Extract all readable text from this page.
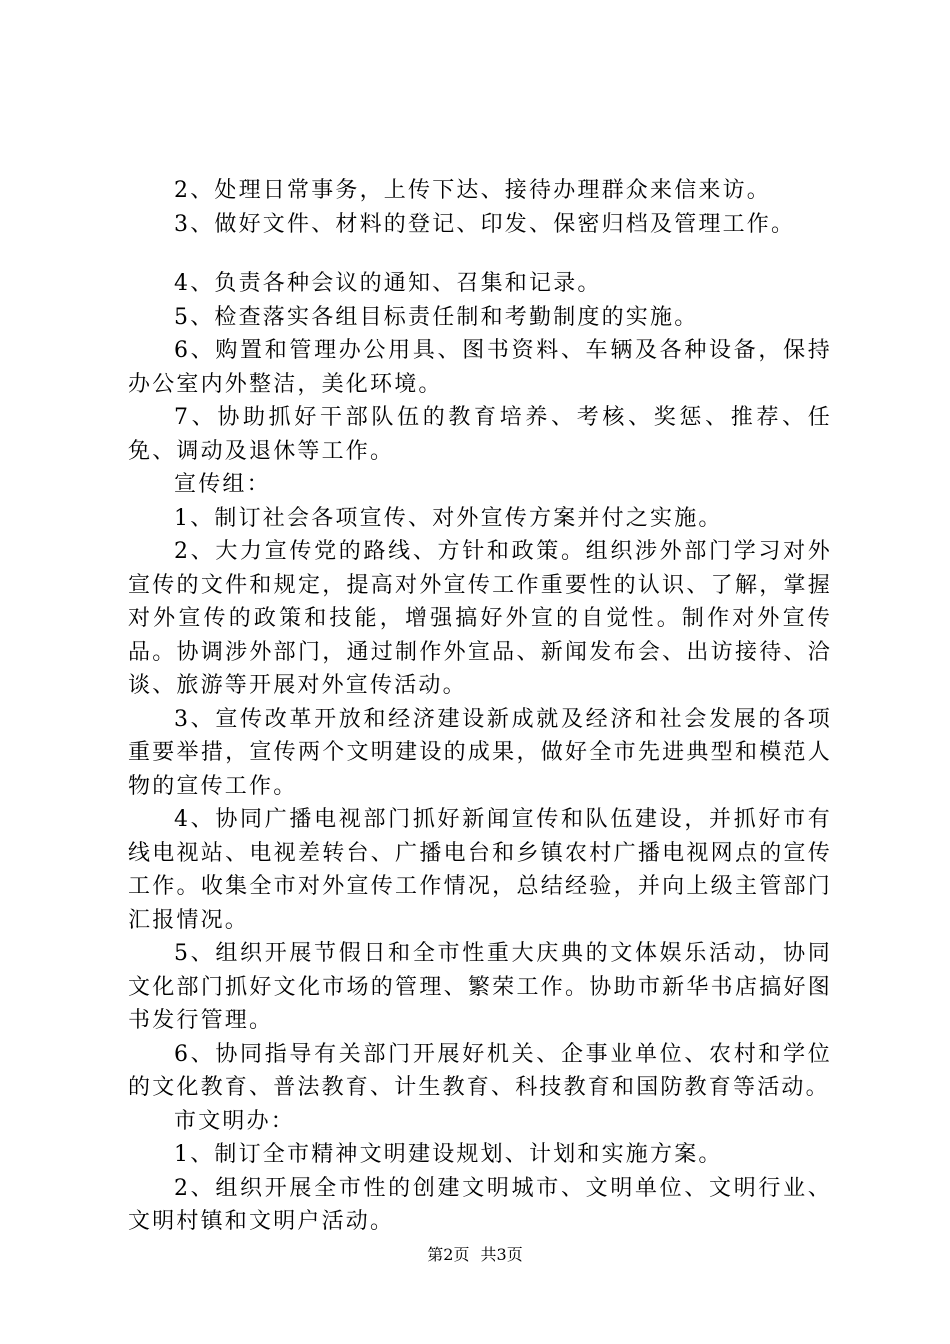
2、处理日常事务，上传下达、接待办理群众来信来访。

3、做好文件、材料的登记、印发、保密归档及管理工作。

4、负责各种会议的通知、召集和记录。

5、检查落实各组目标责任制和考勤制度的实施。

6、购置和管理办公用具、图书资料、车辆及各种设备，保持办公室内外整洁，美化环境。

7、协助抓好干部队伍的教育培养、考核、奖惩、推荐、任免、调动及退休等工作。

宣传组：

1、制订社会各项宣传、对外宣传方案并付之实施。

2、大力宣传党的路线、方针和政策。组织涉外部门学习对外宣传的文件和规定，提高对外宣传工作重要性的认识、了解，掌握对外宣传的政策和技能，增强搞好外宣的自觉性。制作对外宣传品。协调涉外部门，通过制作外宣品、新闻发布会、出访接待、洽谈、旅游等开展对外宣传活动。

3、宣传改革开放和经济建设新成就及经济和社会发展的各项重要举措，宣传两个文明建设的成果，做好全市先进典型和模范人物的宣传工作。

4、协同广播电视部门抓好新闻宣传和队伍建设，并抓好市有线电视站、电视差转台、广播电台和乡镇农村广播电视网点的宣传工作。收集全市对外宣传工作情况，总结经验，并向上级主管部门汇报情况。

5、组织开展节假日和全市性重大庆典的文体娱乐活动，协同文化部门抓好文化市场的管理、繁荣工作。协助市新华书店搞好图书发行管理。

6、协同指导有关部门开展好机关、企事业单位、农村和学位的文化教育、普法教育、计生教育、科技教育和国防教育等活动。

市文明办：

1、制订全市精神文明建设规划、计划和实施方案。

2、组织开展全市性的创建文明城市、文明单位、文明行业、文明村镇和文明户活动。

第2页 共3页
